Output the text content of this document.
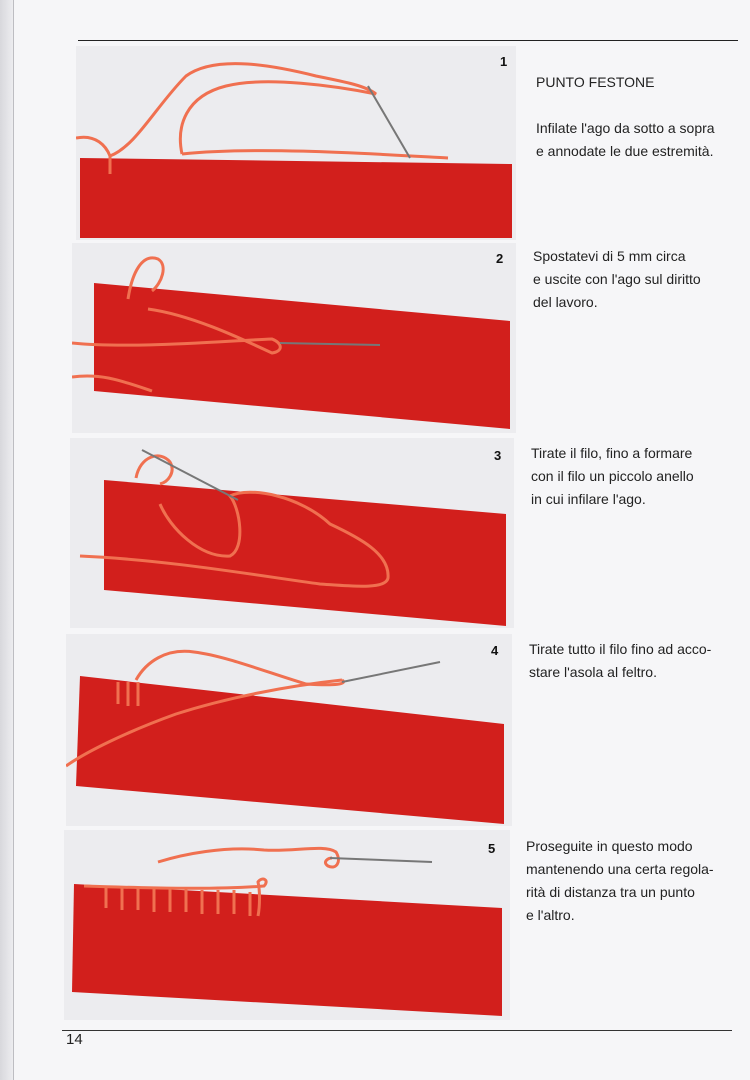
1

PUNTO FESTONE

Infilate l'ago da sotto a sopra
e annodate le due estremità.

2 Spostatevi di 5 mm circa
e uscite con l'ago sul diritto
del lavoro.
3 Tirate il filo, fino a formare
con il filo un piccolo anello
in cui infilare l'ago.
4 Tirate tutto il filo fino ad acco-
stare l'asola al feltro.
5 Proseguite in questo modo
mantenendo una certa regola-
rità di distanza tra un punto
e l'altro.
14
